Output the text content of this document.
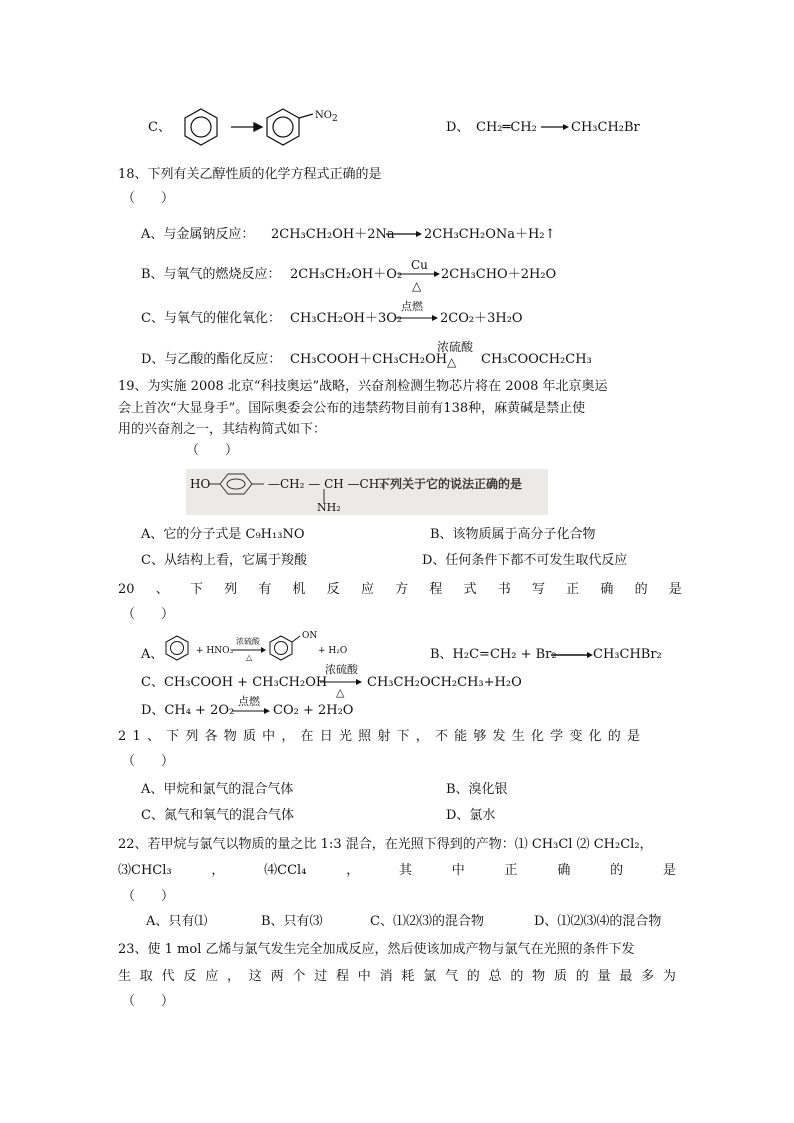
C、
$NO_2$
D、 CH₂═CH₂	CH₃CH₂Br
18、下列有关乙醇性质的化学方程式正确的是
（　　）
A、与金属钠反应： 2CH₃CH₂OH＋2Na 2CH₃CH₂ONa＋H₂↑
B、与氧气的燃烧反应： 2CH₃CH₂OH＋O₂
Cu
△
2CH₃CHO＋2H₂O
C、与氧气的催化氧化： CH₃CH₂OH＋3O₂
点燃
2CO₂＋3H₂O
D、与乙酸的酯化反应： CH₃COOH＋CH₃CH₂OH
浓硫酸
△ CH₃COOCH₂CH₃
19、为实施 2008 北京“科技奥运”战略，兴奋剂检测生物芯片将在 2008 年北京奥运
会上首次“大显身手”。国际奥委会公布的违禁药物目前有138种，麻黄碱是禁止使
用的兴奋剂之一，其结构简式如下：
（　　）
HO	—CH₂ — CH —CH₃
NH₂
下列关于它的说法正确的是
A、它的分子式是 C₉H₁₃NO	B、该物质属于高分子化合物
C、从结构上看，它属于羧酸	D、任何条件下都不可发生取代反应
20 、 下 列 有 机 反 应 方 程 式 书 写 正 确 的 是
（　　）
A、	+ HNO₃
浓硫酸
△
ON
+ H₂O	B、H₂C=CH₂ + Br₂	CH₃CHBr₂
C、CH₃COOH + CH₃CH₂OH
浓硫酸
△
CH₃CH₂OCH₂CH₃+H₂O
D、CH₄ + 2O₂
点燃
CO₂ + 2H₂O
21、下列各物质中，在日光照射下，不能够发生化学变化的是
（　　）
A、甲烷和氯气的混合气体	B、溴化银
C、氮气和氧气的混合气体	D、氯水
22、若甲烷与氯气以物质的量之比 1:3 混合，在光照下得到的产物：⑴ CH₃Cl ⑵ CH₂Cl₂，
⑶CHCl₃	，	⑷CCl₄	，	其	中	正	确	的	是
（　　）
A、只有⑴	B、只有⑶	C、⑴⑵⑶的混合物	D、⑴⑵⑶⑷的混合物
23、使 1 mol 乙烯与氯气发生完全加成反应，然后使该加成产物与氯气在光照的条件下发
生 取 代 反 应 ， 这 两 个 过 程 中 消 耗 氯 气 的 总 的 物 质 的 量 最 多 为
（　　）
